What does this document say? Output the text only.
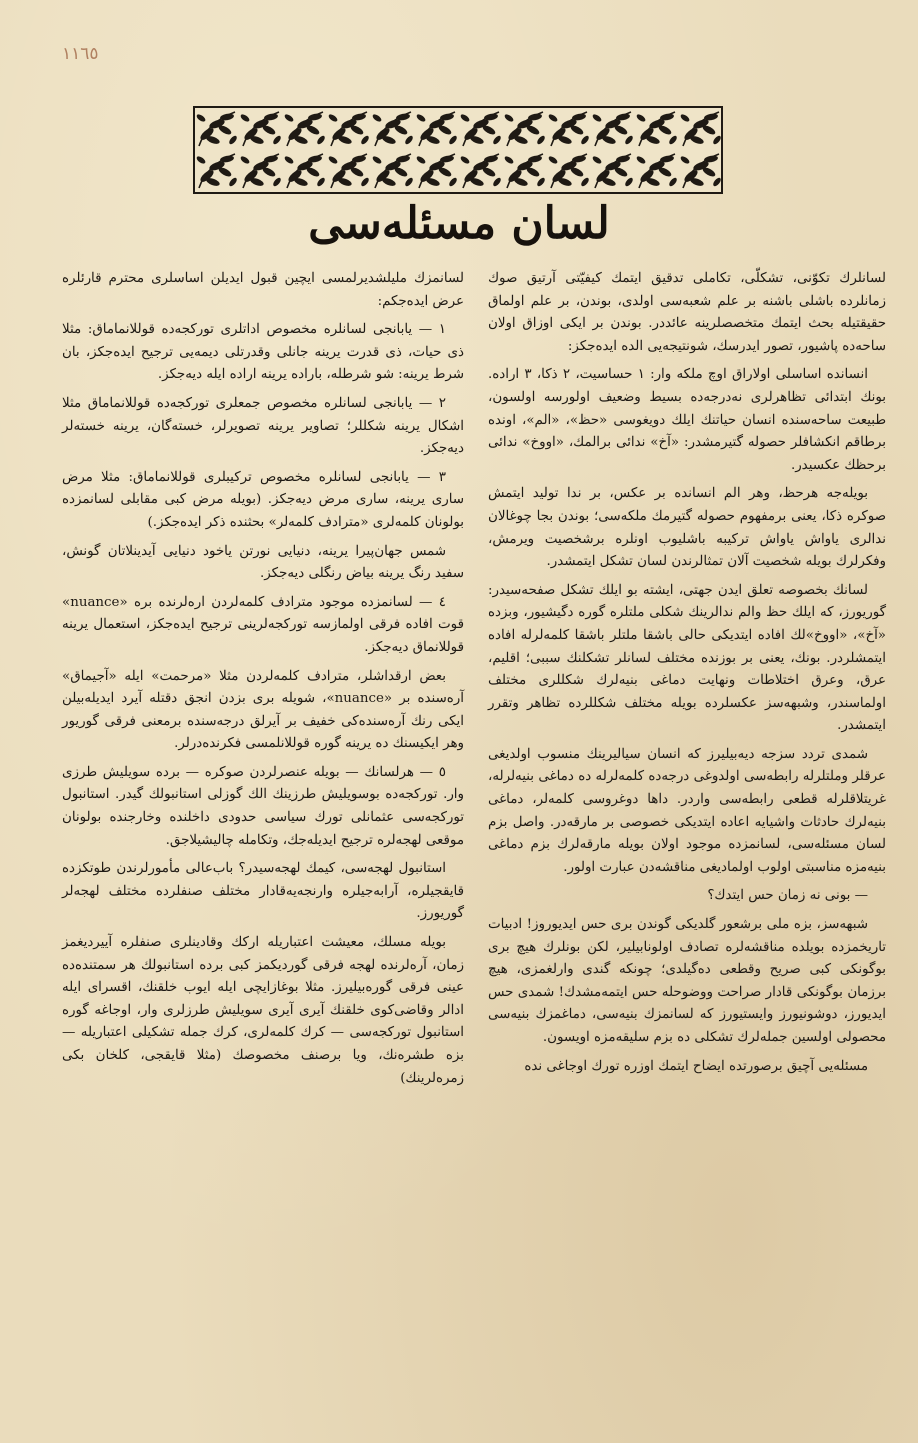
١١٦٥
لسان مسئله‌سی

لسانلرك تكوّنی، تشكلّی، تكاملی تدقيق ايتمك كيفيّتی آرتيق صوك زمانلرده باشلی باشنه بر علم شعبه‌سی اولدی، بوندن، بر علم اولماق حقيقتيله بحث ايتمك متخصصلرينه عائددر. بوندن بر ايكی اوزاق اولان ساحه‌ده پاشيور، تصور ايدرسك، شونتيجه‌يی الده ايده‌جكز:

انسانده اساسلی اولاراق اوچ ملكه وار: ١ حساسيت، ٢ ذكا، ٣ اراده. بونك ابتدائی تظاهرلری نه‌درجه‌ده بسيط وضعيف اولورسه اولسون، طبيعت ساحه‌سنده انسان حياتنك ايلك دويغوسی «حظ»، «الم»، اونده برطاقم انكشافلر حصوله گتيرمشدر: «آخ» ندائی برالمك، «اووخ» ندائی برحظك عكسيدر.

بويله‌جه هرحظ، وهر الم انسانده بر عكس، بر ندا توليد ايتمش صوكره ذكا، يعنی برمفهوم حصوله گتيرمك ملكه‌سی؛ بوندن بجا چوغالان ندالری ياواش ياواش تركيبه باشليوب اونلره برشخصيت ويرمش، وفكرلرك بويله شخصيت آلان تمثالرندن لسان تشكل ايتمشدر.

لسانك بخصوصه تعلق ايدن جهتی، ايشته بو ايلك تشكل صفحه‌سيدر: گوريورز، كه ايلك حظ والم ندالرينك شكلی ملتلره گوره دگيشيور، وبزده «آخ»، «اووخ»لك افاده ايتديكی حالی باشقا ملتلر باشقا كلمه‌لرله افاده ايتمشلردر. بونك، يعنی بر بوزنده مختلف لسانلر تشكلنك سببی؛ اقليم، عرق، وعرق اختلاطات ونهايت دماغی بنيه‌لرك شكللری مختلف اولماسندر، وشبهه‌سز عكسلرده بويله مختلف شكللرده تظاهر وتقرر ايتمشدر.

شمدی تردد سزجه ديه‌بيليرز كه انسان سياليرينك منسوب اولديغی عرقلر وملتلرله رابطه‌سی اولدوغی درجه‌ده كلمه‌لرله ده دماغی بنيه‌لرله، غريتلاقلرله قطعی رابطه‌سی واردر. داها دوغروسی كلمه‌لر، دماغی بنيه‌لرك حادثات واشيايه اعاده ايتديكی خصوصی بر مارقه‌در. واصل بزم لسان مسئله‌سی، لسانمزده موجود اولان بويله مارقه‌لرك بزم دماغی بنيه‌مزه مناسبتی اولوب اولماديغی مناقشه‌دن عبارت اولور.

— بونی نه زمان حس ايتدك؟

شبهه‌سز، بزه ملی برشعور گلديكی گوندن بری حس ايديوروز! ادبيات تاريخمزده بويلده مناقشه‌لره تصادف اولونابيلير، لكن بونلرك هيچ بری بوگونكی كبی صريح وقطعی ده‌گيلدی؛ چونكه گندی وارلغمزی، هيچ برزمان بوگونكی قادار صراحت ووضوحله حس ايتمه‌مشدك! شمدی حس ايديورز، دوشونيورز وايستيورز كه لسانمزك بنيه‌سی، دماغمزك بنيه‌سی محصولی اولسين جمله‌لرك تشكلی ده بزم سليقه‌مزه اويسون.

مسئله‌يی آچيق برصورتده ايضاح ايتمك اوزره تورك اوجاغی نده

لسانمزك مليلشديرلمسی ايچين قبول ايديلن اساسلری محترم قارئلره عرض ايده‌جكم:

١ — يابانجی لسانلره مخصوص اداتلری توركجه‌ده قوللانماماق: مثلا ذی حيات، ذی قدرت يرينه جانلی وقدرتلی ديمه‌يی ترجيح ايده‌جكز، بان شرط يرينه: شو شرطله، باراده يرينه اراده ايله ديه‌جكز.

٢ — يابانجی لسانلره مخصوص جمعلری توركجه‌ده قوللانماماق مثلا اشكال يرينه شكللر؛ تصاوير يرينه تصويرلر، خسته‌گان، يرينه خسته‌لر ديه‌جكز.

٣ — يابانجی لسانلره مخصوص تركيبلری قوللانماماق: مثلا مرض ساری يرينه، ساری مرض ديه‌جكز. (بويله مرض كبی مقابلی لسانمزده بولونان كلمه‌لری «مترادف كلمه‌لر» بحثنده ذكر ايده‌جكز.)

شمس جهان‌پيرا يرينه، دنيايی نورتن ياخود دنيايی آيدينلاتان گونش، سفيد رنگ يرينه بياض رنگلی ديه‌جكز.

٤ — لسانمزده موجود مترادف كلمه‌لردن ارەلرنده بره «nuance» قوت افاده فرقی اولمازسه توركجه‌لرينی ترجيح ايده‌جكز، استعمال يرينه قوللانماق ديه‌جكز.

بعض ارقداشلر، مترادف كلمه‌لردن مثلا «مرحمت» ايله «آجيماق» آره‌سنده بر «nuance»، شويله بری بزدن انجق دقتله آيرد ايديله‌بيلن ايكی رنك آره‌سنده‌كی خفيف بر آيرلق درجه‌سنده برمعنی فرقی گوريور وهر ايكيسنك ده يرينه گوره قوللانلمسی فكرنده‌درلر.

٥ — هرلسانك — بويله عنصرلردن صوكره — برده سويليش طرزی وار. توركجه‌ده بوسويليش طرزينك الك گوزلی استانبولك گيدر. استانبول توركجه‌سی عثمانلی تورك سياسی حدودی داخلنده وخارجنده بولونان موقعی لهجه‌لره ترجيح ايديله‌جك، وتكامله چاليشيلاجق.

استانبول لهجه‌سی، كيمك لهجه‌سيدر؟ باب‌عالی مأمورلرندن طوتكزده قايقجيلره، آرابه‌جيلره وارنجه‌يه‌قادار مختلف صنفلرده مختلف لهجه‌لر گوريورز.

بويله مسلك، معيشت اعتباريله اركك وقادينلری صنفلره آييرديغمز زمان، آره‌لرنده لهجه فرقی گورديكمز كبی برده استانبولك هر سمتنده‌ده عينی فرقی گوره‌بيليرز. مثلا بوغازايچی ايله ايوب خلقنك، اقسرای ايله ادالر وقاضی‌كوی خلقنك آيری آيری سويليش طرزلری وار، اوجاغه گوره استانبول توركجه‌سی — كرك كلمه‌لری، كرك جمله تشكيلی اعتباريله — بزه طشره‌نك، ويا برصنف مخصوصك (مثلا قايقجی، كلخان بكی زمره‌لرينك)
